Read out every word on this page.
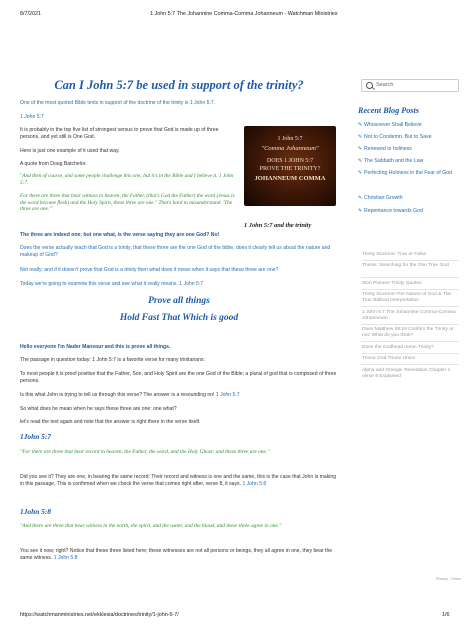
8/7/2021	1 John 5:7 The Johannine Comma-Comma Johanneum - Watchman Ministries
Can I John 5:7 be used in support of the trinity?
One of the most quoted Bible texts in support of the doctrine of the trinity is 1 John 5:7.
1 John 5:7
It is probably in the top five list of strongest versus to prove that God is made up of three persons, and yet still is One God.
Here is just one example of it used that way.
A quote from Doug Batchelor.
"And then of course, and some people challenge this one; but it's in the Bible and I believe it. 1 John 5:7.
For there are three that bear witness in heaven, the Father, (that's God the Father) the word (Jesus is the word become flesh) and the Holy Spirit, these three are one." That's hard to misunderstand. 'The three are one.'"
1 John 5:7
"Comma Johanneum"
DOES 1 JOHN 5:7
PROVE THE TRINITY?
JOHANNEUM COMMA
1 John 5:7 and the trinity
The three are indeed one; but one what, is the verse saying they are one God? No!
Does the verse actually teach that God is a trinity, that these three are the one God of the bible, does it clearly tell us about the nature and makeup of God?
Not really; and if it doesn't prove that God is a trinity then what does it mean when it says that these three are one?
Today we're going to examine this verse and see what it really means. 1 John 5:7
Prove all things
Hold Fast That Which is good
Hello everyone I'm Nader Mansour and this is prove all things.
The passage in question today: 1 John 5:7 is a favorite verse for many trinitarians:
To most people it is proof positive that the Father, Son, and Holy Spirit are the one God of the Bible; a plural of god that is composed of three persons.
Is this what John is trying to tell us through this verse? The answer is a resounding no! 1 John 5:7
So what does he mean when he says these three are one: one what?
let's read the text again and note that the answer is right there in the verse itself.
1John 5:7
"For there are three that bear record in heaven, the Father, the word, and the Holy Ghost: and these three are one."
Did you see it? They are one, in bearing the same record: Their record and witness is one and the same, this is the case that John is making in this passage. This is confirmed when we check the verse that comes right after, verse 8, it says. 1 John 5:8
1John 5:8
"And there are three that bear witness in the earth, the spirit, and the water, and the blood, and these three agree in one."
You see it now; right? Notice that these three listed here; these witnesses are not all persons or beings, they all agree in one, they bear the same witness. 1 John 5:8
Search
Recent Blog Posts
✎ Whosoever Shall Believe
✎ Not to Condemn, But to Save
✎ Renewed in holiness
✎ The Sabbath and the Law
✎ Perfecting Holiness in the Fear of God
✎ Christian Growth
✎ Repentance towards God
Trinity Doctrine: True or False
Thesis: Searching for the One True God
SDA Pioneer Trinity Quotes
Trinity Doctrine-The Nature of God & The True Biblical Interpretation
1 John 5:7 The Johannine Comma-Comma Johanneum
Does Matthew 28:19 Confirm the Trinity or not: What do you think?
Does the Godhead mean Trinity?
Triune God Triune Union
Alpha and Omega- Revelation Chapter 1 verse 8 Explained
Privacy - Terms
https://watchmanministries.net/ekklesia/doctrines/trinity/1-john-5-7/	1/6
